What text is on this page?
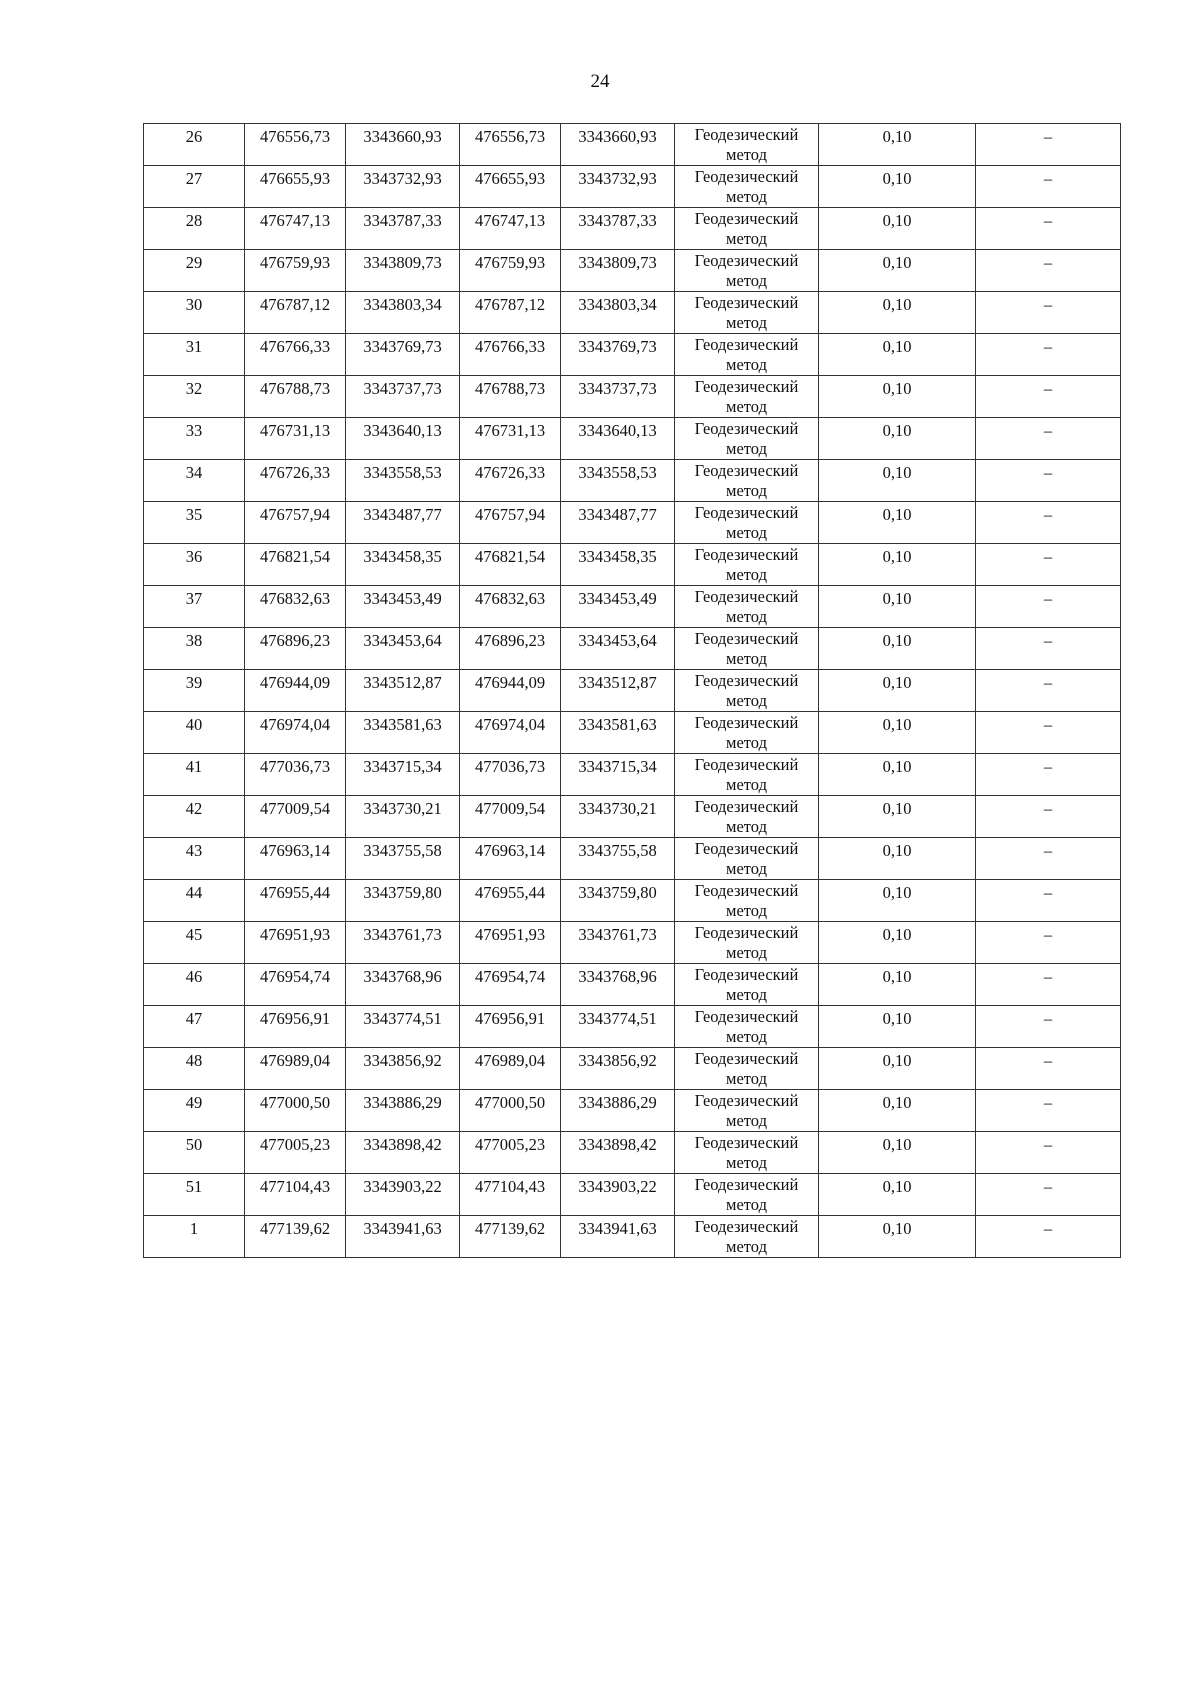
24
26	476556,73	3343660,93	476556,73	3343660,93	Геодезический
метод	0,10	–
27	476655,93	3343732,93	476655,93	3343732,93	Геодезический
метод	0,10	–
28	476747,13	3343787,33	476747,13	3343787,33	Геодезический
метод	0,10	–
29	476759,93	3343809,73	476759,93	3343809,73	Геодезический
метод	0,10	–
30	476787,12	3343803,34	476787,12	3343803,34	Геодезический
метод	0,10	–
31	476766,33	3343769,73	476766,33	3343769,73	Геодезический
метод	0,10	–
32	476788,73	3343737,73	476788,73	3343737,73	Геодезический
метод	0,10	–
33	476731,13	3343640,13	476731,13	3343640,13	Геодезический
метод	0,10	–
34	476726,33	3343558,53	476726,33	3343558,53	Геодезический
метод	0,10	–
35	476757,94	3343487,77	476757,94	3343487,77	Геодезический
метод	0,10	–
36	476821,54	3343458,35	476821,54	3343458,35	Геодезический
метод	0,10	–
37	476832,63	3343453,49	476832,63	3343453,49	Геодезический
метод	0,10	–
38	476896,23	3343453,64	476896,23	3343453,64	Геодезический
метод	0,10	–
39	476944,09	3343512,87	476944,09	3343512,87	Геодезический
метод	0,10	–
40	476974,04	3343581,63	476974,04	3343581,63	Геодезический
метод	0,10	–
41	477036,73	3343715,34	477036,73	3343715,34	Геодезический
метод	0,10	–
42	477009,54	3343730,21	477009,54	3343730,21	Геодезический
метод	0,10	–
43	476963,14	3343755,58	476963,14	3343755,58	Геодезический
метод	0,10	–
44	476955,44	3343759,80	476955,44	3343759,80	Геодезический
метод	0,10	–
45	476951,93	3343761,73	476951,93	3343761,73	Геодезический
метод	0,10	–
46	476954,74	3343768,96	476954,74	3343768,96	Геодезический
метод	0,10	–
47	476956,91	3343774,51	476956,91	3343774,51	Геодезический
метод	0,10	–
48	476989,04	3343856,92	476989,04	3343856,92	Геодезический
метод	0,10	–
49	477000,50	3343886,29	477000,50	3343886,29	Геодезический
метод	0,10	–
50	477005,23	3343898,42	477005,23	3343898,42	Геодезический
метод	0,10	–
51	477104,43	3343903,22	477104,43	3343903,22	Геодезический
метод	0,10	–
1	477139,62	3343941,63	477139,62	3343941,63	Геодезический
метод	0,10	–
